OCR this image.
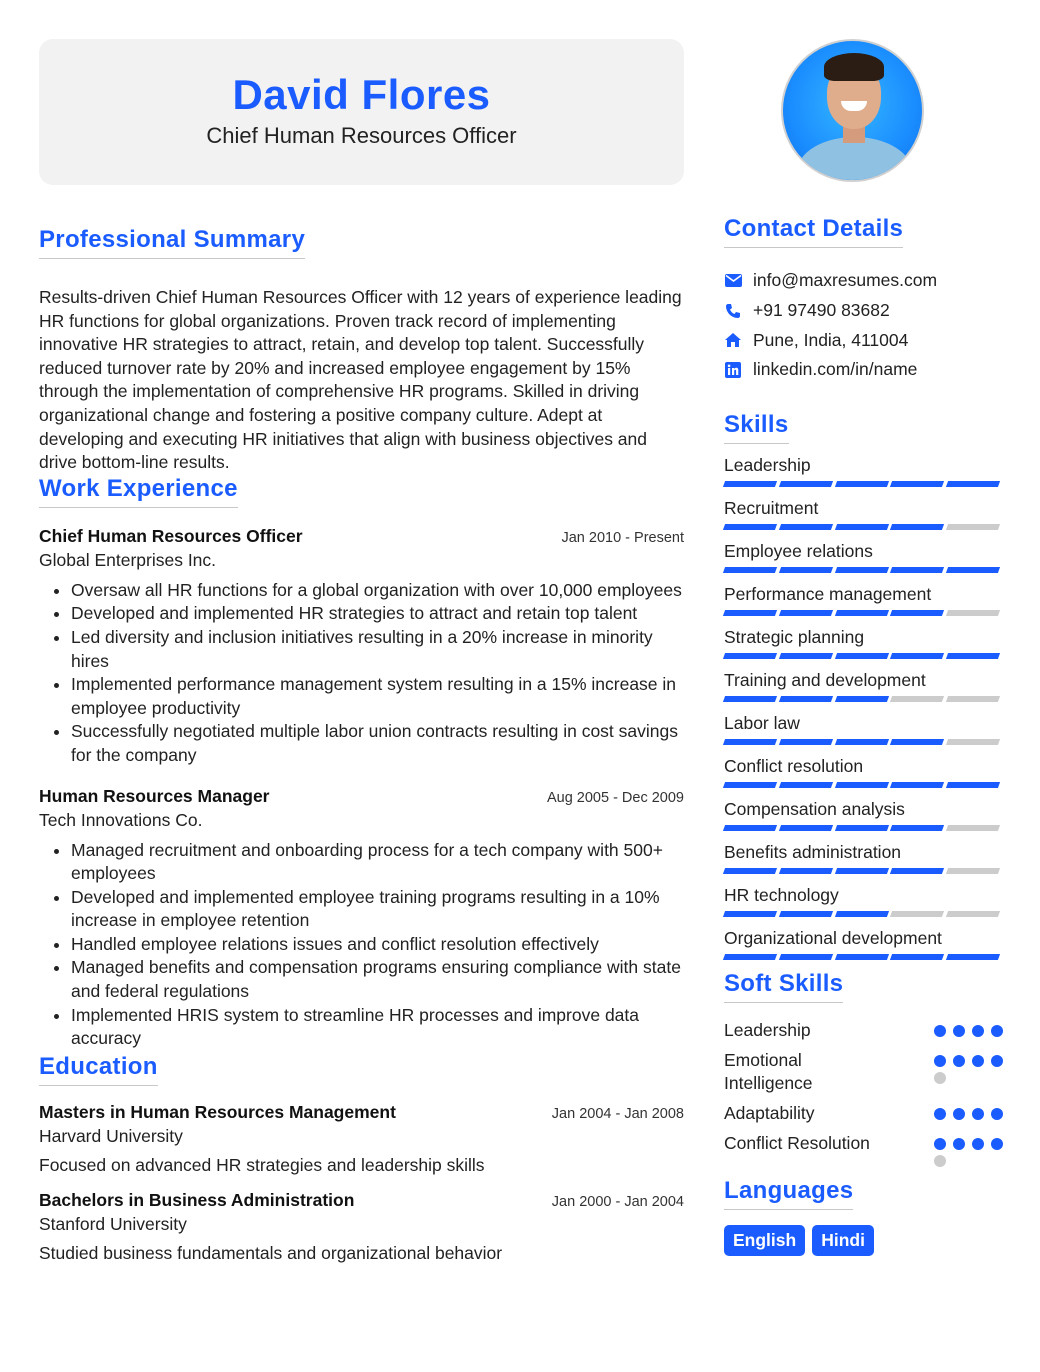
David Flores
Chief Human Resources Officer
Professional Summary

Results-driven Chief Human Resources Officer with 12 years of experience leading HR functions for global organizations. Proven track record of implementing innovative HR strategies to attract, retain, and develop top talent. Successfully reduced turnover rate by 20% and increased employee engagement by 15% through the implementation of comprehensive HR programs. Skilled in driving organizational change and fostering a positive company culture. Adept at developing and executing HR initiatives that align with business objectives and drive bottom-line results.

Work Experience
Chief Human Resources Officer	Jan 2010 - Present
Global Enterprises Inc.
• Oversaw all HR functions for a global organization with over 10,000 employees
• Developed and implemented HR strategies to attract and retain top talent
• Led diversity and inclusion initiatives resulting in a 20% increase in minority hires
• Implemented performance management system resulting in a 15% increase in employee productivity
• Successfully negotiated multiple labor union contracts resulting in cost savings for the company
Human Resources Manager	Aug 2005 - Dec 2009
Tech Innovations Co.
• Managed recruitment and onboarding process for a tech company with 500+ employees
• Developed and implemented employee training programs resulting in a 10% increase in employee retention
• Handled employee relations issues and conflict resolution effectively
• Managed benefits and compensation programs ensuring compliance with state and federal regulations
• Implemented HRIS system to streamline HR processes and improve data accuracy
Education
Masters in Human Resources Management	Jan 2004 - Jan 2008
Harvard University
Focused on advanced HR strategies and leadership skills
Bachelors in Business Administration	Jan 2000 - Jan 2004
Stanford University
Studied business fundamentals and organizational behavior
Contact Details
info@maxresumes.com
+91 97490 83682
Pune, India, 411004
linkedin.com/in/name
Skills
Leadership
Recruitment
Employee relations
Performance management
Strategic planning
Training and development
Labor law
Conflict resolution
Compensation analysis
Benefits administration
HR technology
Organizational development
Soft Skills
Leadership
Emotional Intelligence
Adaptability
Conflict Resolution
Languages
English	Hindi
